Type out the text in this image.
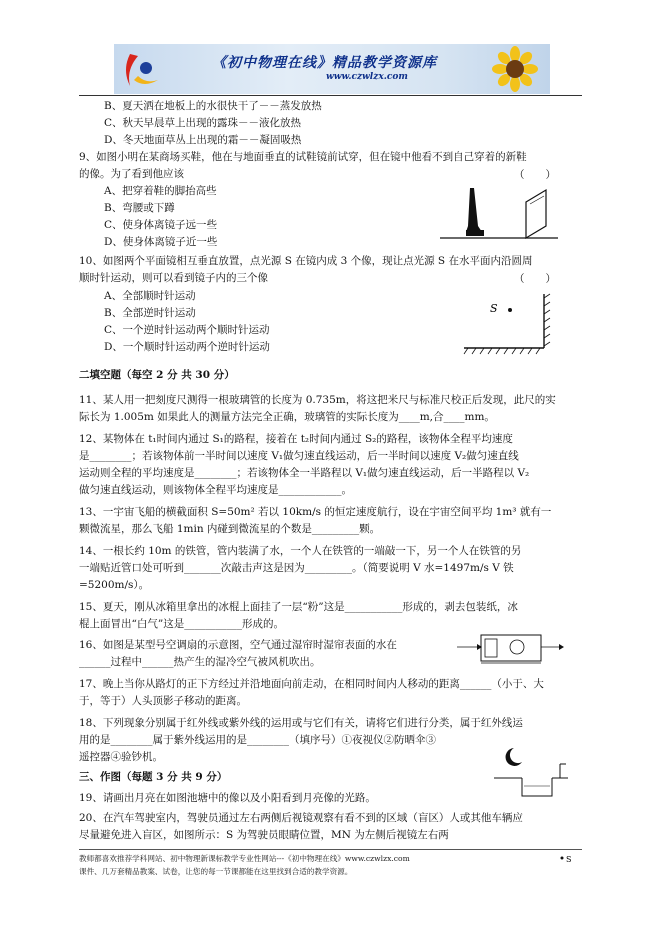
《初中物理在线》精品教学资源库
www.czwlzx.com
B、夏天洒在地板上的水很快干了－－蒸发放热
C、秋天早晨草上出现的露珠－－液化放热
D、冬天地面草丛上出现的霜－－凝固吸热
9、如图小明在某商场买鞋，他在与地面垂直的试鞋镜前试穿，但在镜中他看不到自己穿着的新鞋
的像。为了看到他应该	（　　）
A、把穿着鞋的脚抬高些
B、弯腰或下蹲
C、使身体离镜子远一些
D、使身体离镜子近一些
10、如图两个平面镜相互垂直放置，点光源 S 在镜内成 3 个像，现让点光源 S 在水平面内沿圆周
顺时针运动，则可以看到镜子内的三个像	（　　）
A、全部顺时针运动
B、全部逆时针运动
C、一个逆时针运动两个顺时针运动
D、一个顺时针运动两个逆时针运动
S
二填空题（每空 2 分 共 30 分）
11、某人用一把刻度尺测得一根玻璃管的长度为 0.735m，将这把米尺与标准尺校正后发现，此尺的实
际长为 1.005m 如果此人的测量方法完全正确，玻璃管的实际长度为____m,合____mm。
12、某物体在 t₁时间内通过 S₁的路程，接着在 t₂时间内通过 S₂的路程，该物体全程平均速度
是________；若该物体前一半时间以速度 V₁做匀速直线运动，后一半时间以速度 V₂做匀速直线
运动则全程的平均速度是________；若该物体全一半路程以 V₁做匀速直线运动，后一半路程以 V₂
做匀速直线运动，则该物体全程平均速度是____________。
13、一宇宙飞船的横截面积 S=50m² 若以 10km/s 的恒定速度航行，设在宇宙空间平均 1m³ 就有一
颗微流星，那么飞船 1min 内碰到微流星的个数是_________颗。
14、一根长约 10m 的铁管，管内装满了水，一个人在铁管的一端敲一下，另一个人在铁管的另
一端贴近管口处可听到_______次敲击声这是因为_________。（简要说明 V 水=1497m/s V 铁
=5200m/s）。
15、夏天，刚从冰箱里拿出的冰棍上面挂了一层“粉”这是___________形成的，剥去包装纸，冰
棍上面冒出“白气”这是___________形成的。
16、如图是某型号空调扇的示意图，空气通过湿帘时湿帘表面的水在
______过程中______热产生的湿冷空气被风机吹出。
17、晚上当你从路灯的正下方经过并沿地面向前走动，在相同时间内人移动的距离______（小于、大
于，等于）人头顶影子移动的距离。
18、下列现象分别属于红外线或紫外线的运用或与它们有关，请将它们进行分类，属于红外线运
用的是________属于紫外线运用的是________（填序号）①夜视仪②防晒伞③
遥控器④验钞机。
三、作图（每题 3 分 共 9 分）
19、请画出月亮在如图池塘中的像以及小阳看到月亮像的光路。
20、在汽车驾驶室内，驾驶员通过左右两侧后视镜观察有看不到的区域（盲区）人或其他车辆应
尽量避免进入盲区，如图所示：S 为驾驶员眼睛位置，MN 为左侧后视镜左右两
S
教师都喜欢推荐学科网站、初中物理新课标教学专业性网站---《初中物理在线》www.czwlzx.com
课件、几万套精品教案、试卷，让您的每一节课都能在这里找到合适的教学资源。
